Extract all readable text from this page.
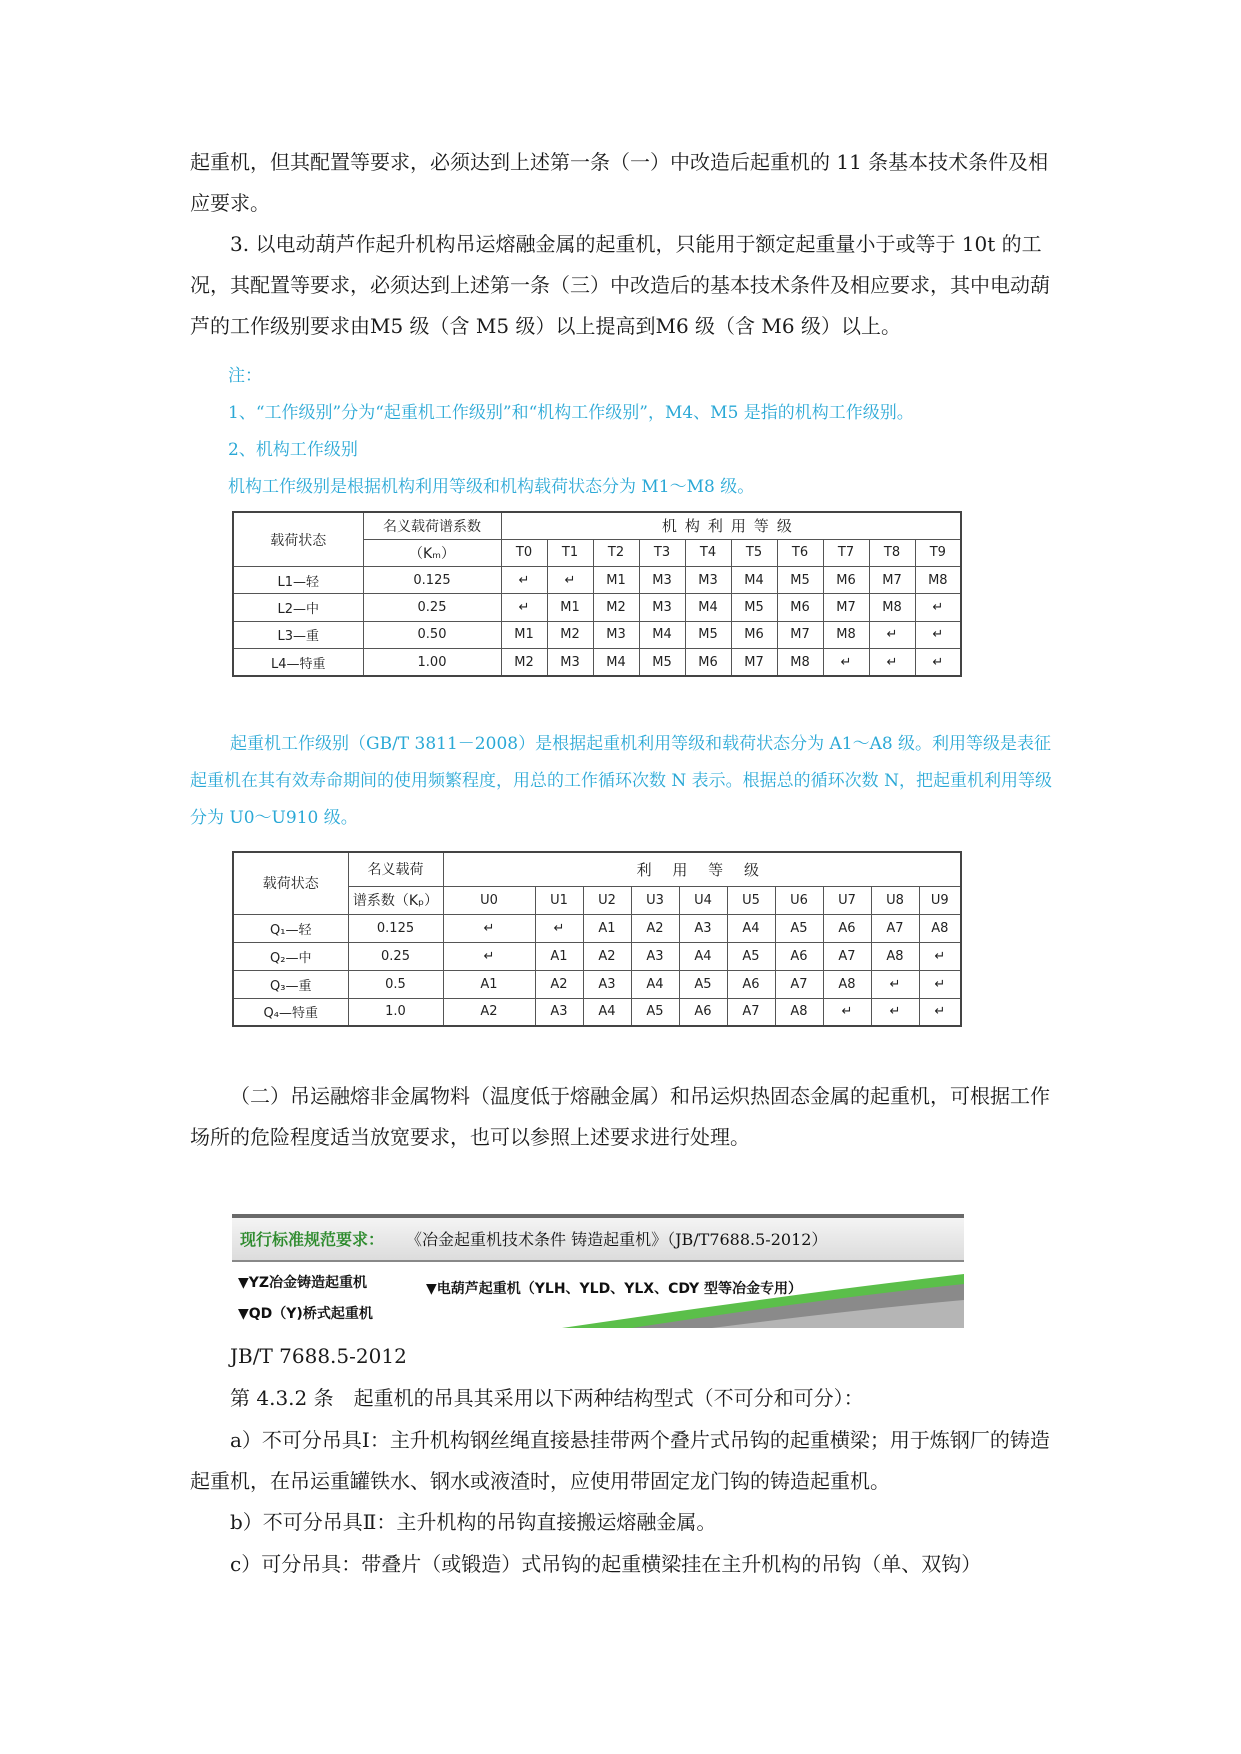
起重机，但其配置等要求，必须达到上述第一条（一）中改造后起重机的 11 条基本技术条件及相应要求。

3. 以电动葫芦作起升机构吊运熔融金属的起重机，只能用于额定起重量小于或等于 10t 的工况，其配置等要求，必须达到上述第一条（三）中改造后的基本技术条件及相应要求，其中电动葫芦的工作级别要求由M5 级（含 M5 级）以上提高到M6 级（含 M6 级）以上。

注：

1、“工作级别”分为“起重机工作级别”和“机构工作级别”，M4、M5 是指的机构工作级别。

2、机构工作级别

机构工作级别是根据机构利用等级和机构载荷状态分为 M1～M8 级。

载荷状态	名义载荷谱系数	机构利用等级									
	（Kₘ）	T0	T1	T2	T3	T4	T5	T6	T7	T8	T9
L1—轻	0.125	↵	↵	M1	M3	M3	M4	M5	M6	M7	M8
L2—中	0.25	↵	M1	M2	M3	M4	M5	M6	M7	M8	↵
L3—重	0.50	M1	M2	M3	M4	M5	M6	M7	M8	↵	↵
L4—特重	1.00	M2	M3	M4	M5	M6	M7	M8	↵	↵	↵

起重机工作级别（GB/T 3811－2008）是根据起重机利用等级和载荷状态分为 A1～A8 级。利用等级是表征起重机在其有效寿命期间的使用频繁程度，用总的工作循环次数 N 表示。根据总的循环次数 N，把起重机利用等级分为 U0～U910 级。

载荷状态	名义载荷	利 用 等 级									
	谱系数（Kₚ）	U0	U1	U2	U3	U4	U5	U6	U7	U8	U9
Q₁—轻	0.125	↵	↵	A1	A2	A3	A4	A5	A6	A7	A8
Q₂—中	0.25	↵	A1	A2	A3	A4	A5	A6	A7	A8	↵
Q₃—重	0.5	A1	A2	A3	A4	A5	A6	A7	A8	↵	↵
Q₄—特重	1.0	A2	A3	A4	A5	A6	A7	A8	↵	↵	↵

（二）吊运融熔非金属物料（温度低于熔融金属）和吊运炽热固态金属的起重机，可根据工作场所的危险程度适当放宽要求，也可以参照上述要求进行处理。

现行标准规范要求： 《冶金起重机技术条件 铸造起重机》（JB/T7688.5-2012）
▼YZ冶金铸造起重机	▼电葫芦起重机（YLH、YLD、YLX、CDY 型等冶金专用）
▼QD（Y)桥式起重机

JB/T 7688.5-2012

第 4.3.2 条　起重机的吊具其采用以下两种结构型式（不可分和可分）：

a）不可分吊具Ⅰ：主升机构钢丝绳直接悬挂带两个叠片式吊钩的起重横梁；用于炼钢厂的铸造起重机，在吊运重罐铁水、钢水或液渣时，应使用带固定龙门钩的铸造起重机。

b）不可分吊具Ⅱ：主升机构的吊钩直接搬运熔融金属。

c）可分吊具：带叠片（或锻造）式吊钩的起重横梁挂在主升机构的吊钩（单、双钩）
